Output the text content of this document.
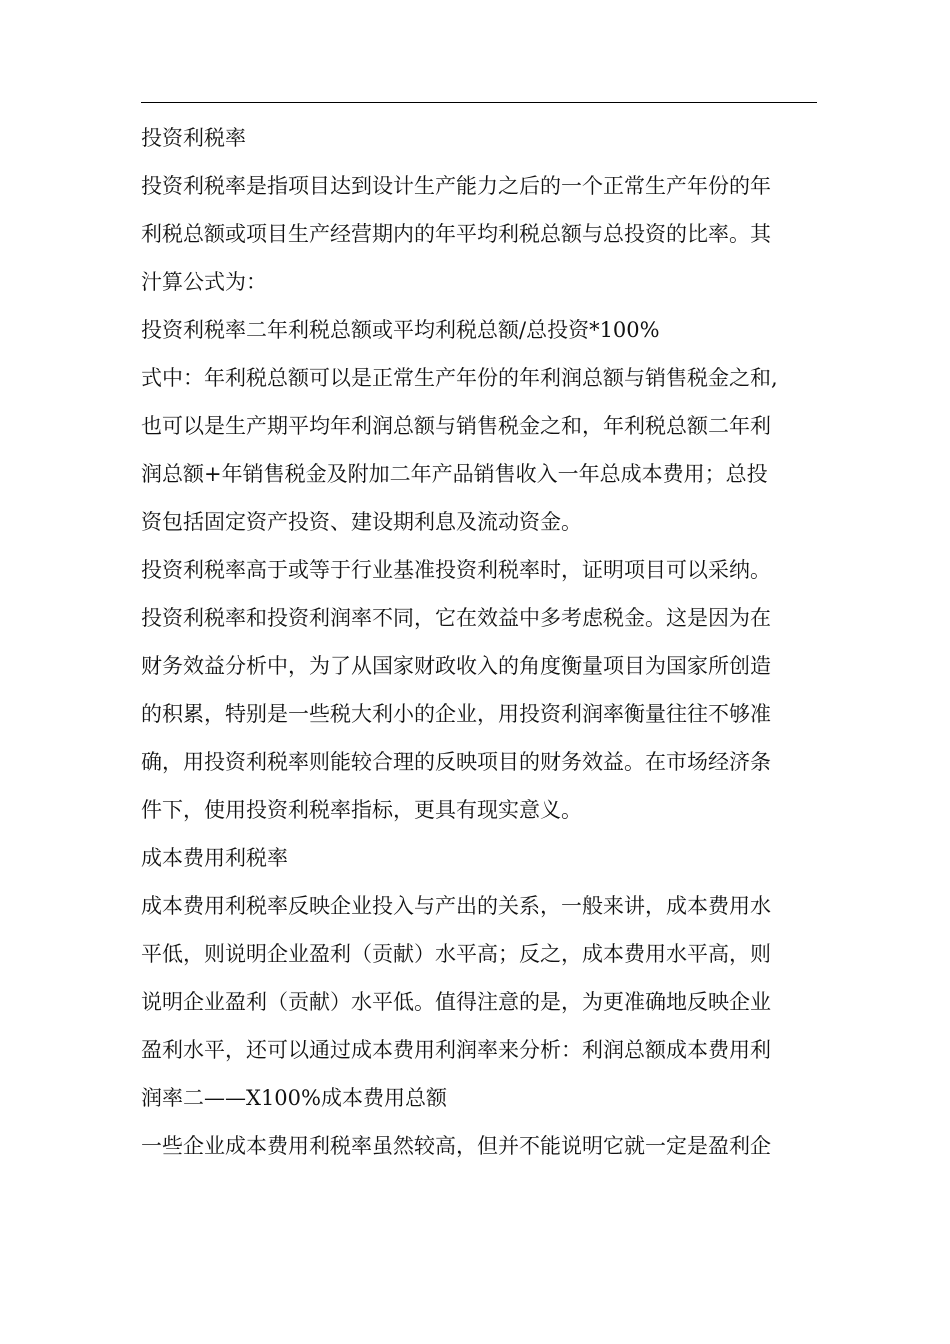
投资利税率
投资利税率是指项目达到设计生产能力之后的一个正常生产年份的年
利税总额或项目生产经营期内的年平均利税总额与总投资的比率。其
汁算公式为：
投资利税率二年利税总额或平均利税总额/总投资*100%
式中：年利税总额可以是正常生产年份的年利润总额与销售税金之和,
也可以是生产期平均年利润总额与销售税金之和，年利税总额二年利
润总额+年销售税金及附加二年产品销售收入一年总成本费用；总投
资包括固定资产投资、建设期利息及流动资金。
投资利税率高于或等于行业基准投资利税率时，证明项目可以采纳。
投资利税率和投资利润率不同，它在效益中多考虑税金。这是因为在
财务效益分析中，为了从国家财政收入的角度衡量项目为国家所创造
的积累，特别是一些税大利小的企业，用投资利润率衡量往往不够准
确，用投资利税率则能较合理的反映项目的财务效益。在市场经济条
件下，使用投资利税率指标，更具有现实意义。
成本费用利税率
成本费用利税率反映企业投入与产出的关系，一般来讲，成本费用水
平低，则说明企业盈利（贡献）水平高；反之，成本费用水平高，则
说明企业盈利（贡献）水平低。值得注意的是，为更准确地反映企业
盈利水平，还可以通过成本费用利润率来分析：利润总额成本费用利
润率二——X100%成本费用总额
一些企业成本费用利税率虽然较高，但并不能说明它就一定是盈利企
